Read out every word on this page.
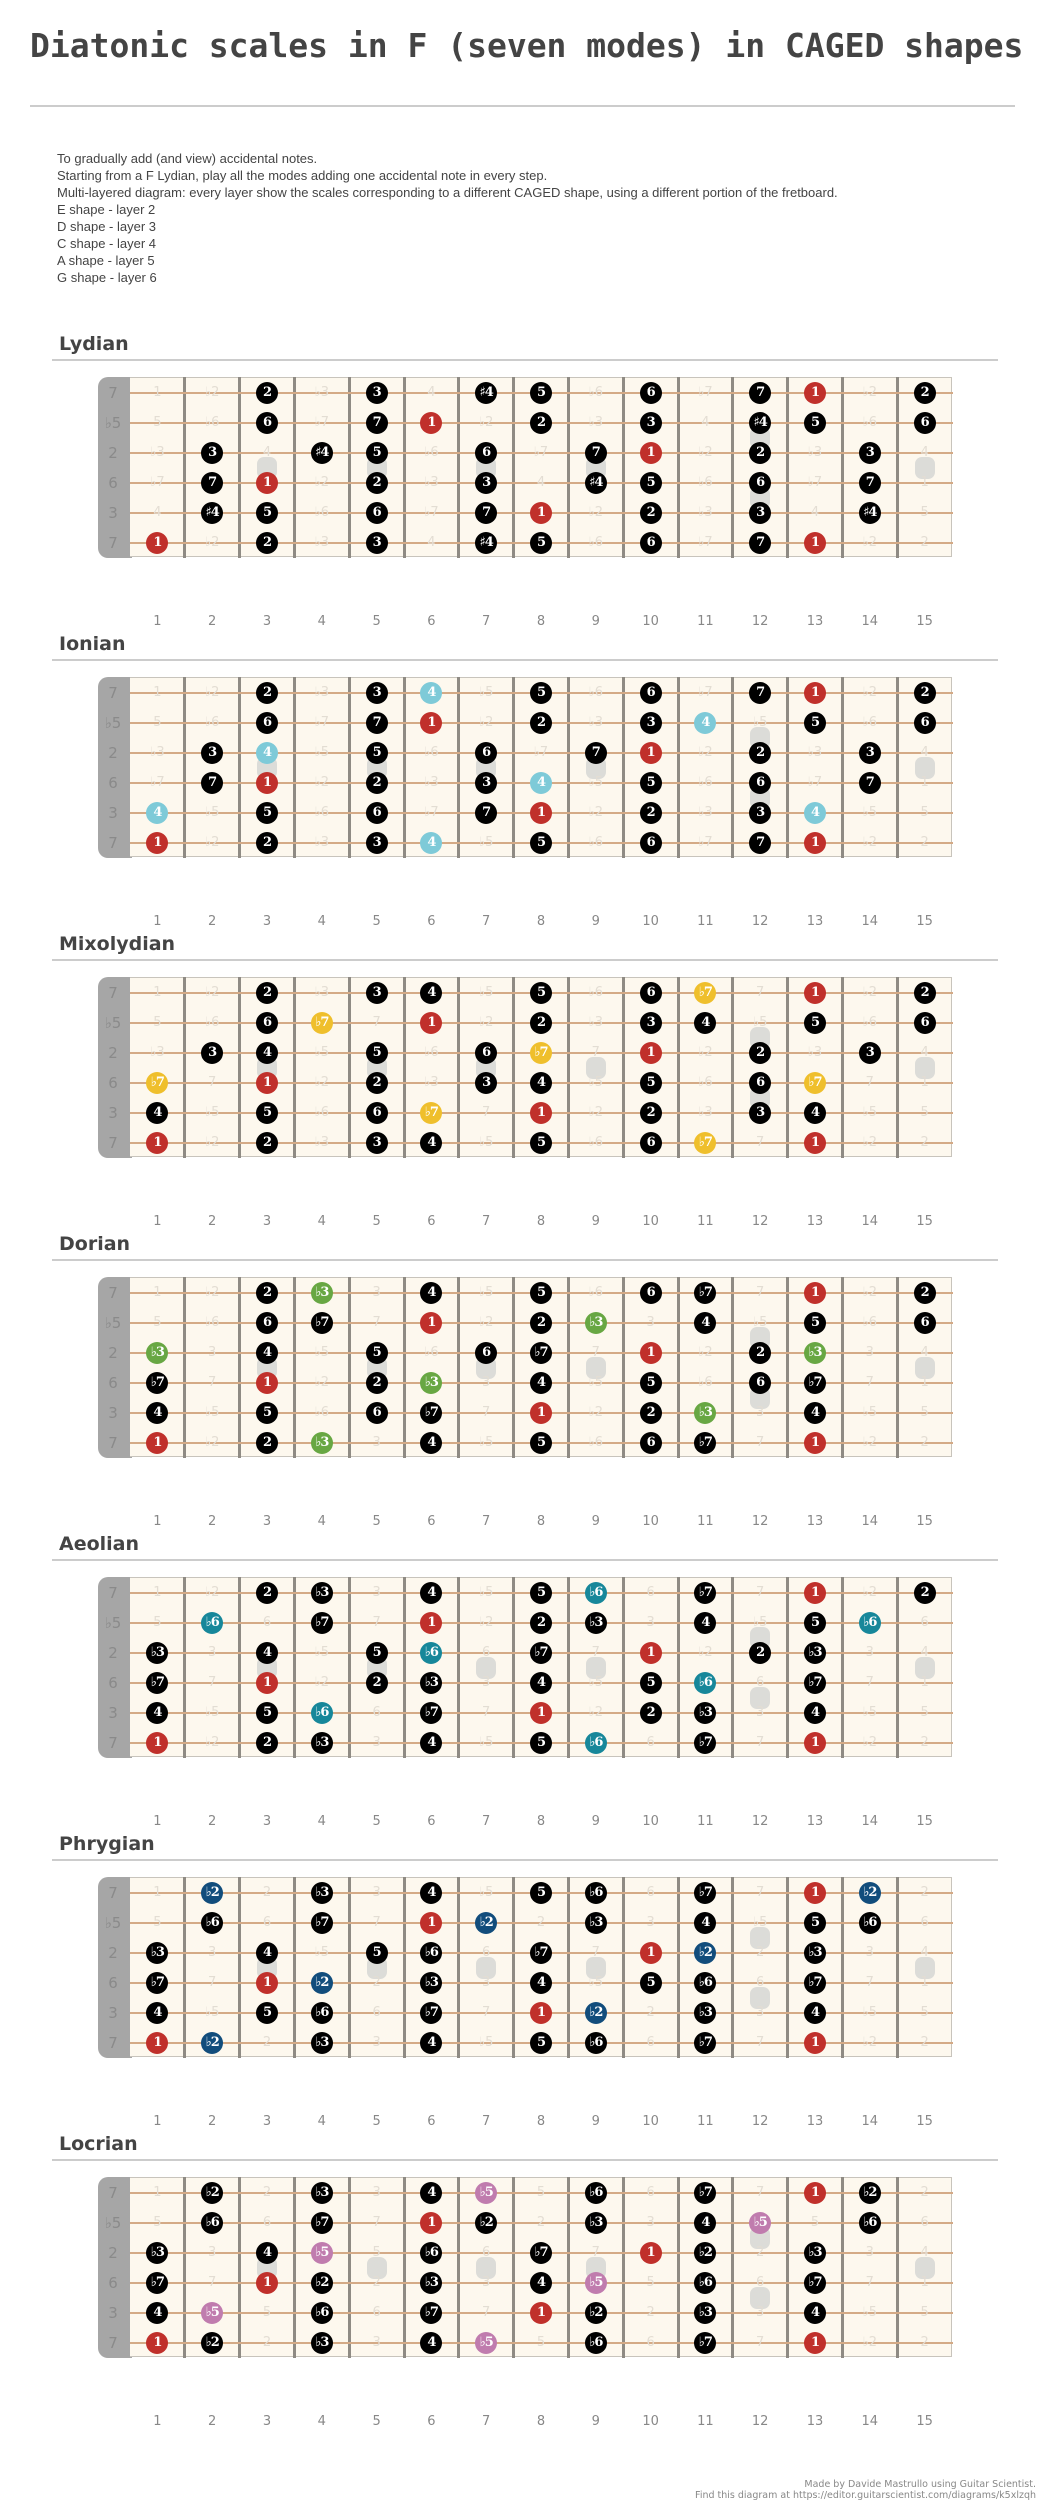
Diatonic scales in F (seven modes) in CAGED shapes
To gradually add (and view) accidental notes.
Starting from a F Lydian, play all the modes adding one accidental note in every step.
Multi-layered diagram: every layer show the scales corresponding to a different CAGED shape, using a different portion of the fretboard.
E shape - layer 2
D shape - layer 3
C shape - layer 4
A shape - layer 5
G shape - layer 6
Lydian
7
♭5
2
6
3
7
1	♭2	2	♭3	3	4	♯4	5	♭6	6	♭7	7	1	♭2	2
5	♭6	6	♭7	7	1	♭2	2	♭3	3	4	♯4	5	♭6	6
♭3	3	4	♯4	5	♭6	6	♭7	7	1	♭2	2	♭3	3	4
♭7	7	1	♭2	2	♭3	3	4	♯4	5	♭6	6	♭7	7	1
4	♯4	5	♭6	6	♭7	7	1	♭2	2	♭3	3	4	♯4	5
1	♭2	2	♭3	3	4	♯4	5	♭6	6	♭7	7	1	♭2	2
1	2	3	4	5	6	7	8	9	10	11	12	13	14	15
Ionian
7
♭5
2
6
3
7
1	♭2	2	♭3	3	4	♭5	5	♭6	6	♭7	7	1	♭2	2
5	♭6	6	♭7	7	1	♭2	2	♭3	3	4	♭5	5	♭6	6
♭3	3	4	♭5	5	♭6	6	♭7	7	1	♭2	2	♭3	3	4
♭7	7	1	♭2	2	♭3	3	4	♭5	5	♭6	6	♭7	7	1
4	♭5	5	♭6	6	♭7	7	1	♭2	2	♭3	3	4	♭5	5
1	♭2	2	♭3	3	4	♭5	5	♭6	6	♭7	7	1	♭2	2
1	2	3	4	5	6	7	8	9	10	11	12	13	14	15
Mixolydian
7
♭5
2
6
3
7
1	♭2	2	♭3	3	4	♭5	5	♭6	6	♭7	7	1	♭2	2
5	♭6	6	♭7	7	1	♭2	2	♭3	3	4	♭5	5	♭6	6
♭3	3	4	♭5	5	♭6	6	♭7	7	1	♭2	2	♭3	3	4
♭7	7	1	♭2	2	♭3	3	4	♭5	5	♭6	6	♭7	7	1
4	♭5	5	♭6	6	♭7	7	1	♭2	2	♭3	3	4	♭5	5
1	♭2	2	♭3	3	4	♭5	5	♭6	6	♭7	7	1	♭2	2
1	2	3	4	5	6	7	8	9	10	11	12	13	14	15
Dorian
7
♭5
2
6
3
7
1	♭2	2	♭3	3	4	♭5	5	♭6	6	♭7	7	1	♭2	2
5	♭6	6	♭7	7	1	♭2	2	♭3	3	4	♭5	5	♭6	6
♭3	3	4	♭5	5	♭6	6	♭7	7	1	♭2	2	♭3	3	4
♭7	7	1	♭2	2	♭3	3	4	♭5	5	♭6	6	♭7	7	1
4	♭5	5	♭6	6	♭7	7	1	♭2	2	♭3	3	4	♭5	5
1	♭2	2	♭3	3	4	♭5	5	♭6	6	♭7	7	1	♭2	2
1	2	3	4	5	6	7	8	9	10	11	12	13	14	15
Aeolian
7
♭5
2
6
3
7
1	♭2	2	♭3	3	4	♭5	5	♭6	6	♭7	7	1	♭2	2
5	♭6	6	♭7	7	1	♭2	2	♭3	3	4	♭5	5	♭6	6
♭3	3	4	♭5	5	♭6	6	♭7	7	1	♭2	2	♭3	3	4
♭7	7	1	♭2	2	♭3	3	4	♭5	5	♭6	6	♭7	7	1
4	♭5	5	♭6	6	♭7	7	1	♭2	2	♭3	3	4	♭5	5
1	♭2	2	♭3	3	4	♭5	5	♭6	6	♭7	7	1	♭2	2
1	2	3	4	5	6	7	8	9	10	11	12	13	14	15
Phrygian
7
♭5
2
6
3
7
1	♭2	2	♭3	3	4	♭5	5	♭6	6	♭7	7	1	♭2	2
5	♭6	6	♭7	7	1	♭2	2	♭3	3	4	♭5	5	♭6	6
♭3	3	4	♭5	5	♭6	6	♭7	7	1	♭2	2	♭3	3	4
♭7	7	1	♭2	2	♭3	3	4	♭5	5	♭6	6	♭7	7	1
4	♭5	5	♭6	6	♭7	7	1	♭2	2	♭3	3	4	♭5	5
1	♭2	2	♭3	3	4	♭5	5	♭6	6	♭7	7	1	♭2	2
1	2	3	4	5	6	7	8	9	10	11	12	13	14	15
Locrian
7
♭5
2
6
3
7
1	♭2	2	♭3	3	4	♭5	5	♭6	6	♭7	7	1	♭2	2
5	♭6	6	♭7	7	1	♭2	2	♭3	3	4	♭5	5	♭6	6
♭3	3	4	♭5	5	♭6	6	♭7	7	1	♭2	2	♭3	3	4
♭7	7	1	♭2	2	♭3	3	4	♭5	5	♭6	6	♭7	7	1
4	♭5	5	♭6	6	♭7	7	1	♭2	2	♭3	3	4	♭5	5
1	♭2	2	♭3	3	4	♭5	5	♭6	6	♭7	7	1	♭2	2
1	2	3	4	5	6	7	8	9	10	11	12	13	14	15
Made by Davide Mastrullo using Guitar Scientist.
Find this diagram at https://editor.guitarscientist.com/diagrams/k5xlzqh
